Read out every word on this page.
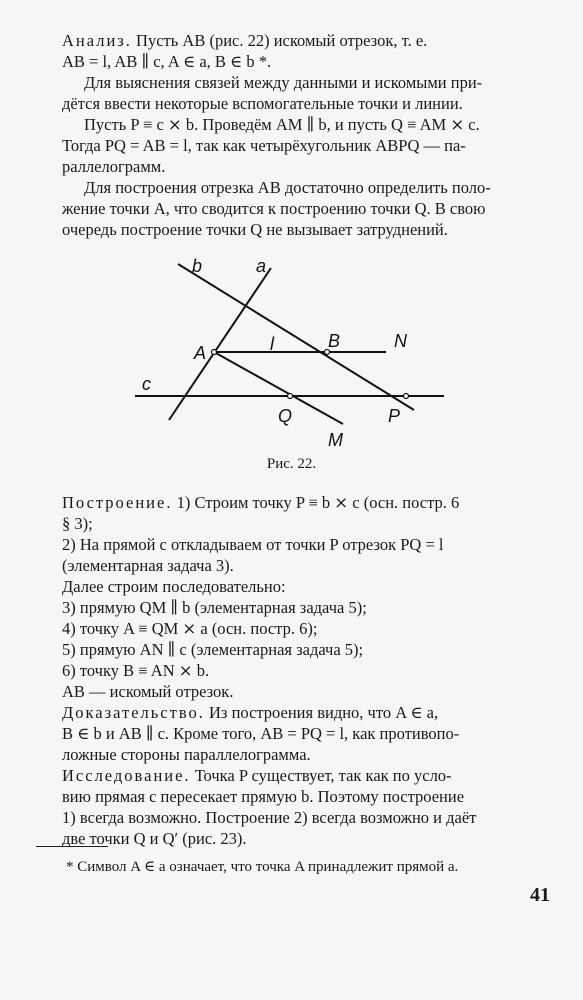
Анализ. Пусть AB (рис. 22) искомый отрезок, т. е.

AB = l, AB ∥ c, A ∈ a, B ∈ b *.

Для выяснения связей между данными и искомыми при-

дётся ввести некоторые вспомогательные точки и линии.

Пусть P ≡ c ⨯ b. Проведём AM ∥ b, и пусть Q ≡ AM ⨯ c.

Тогда PQ = AB = l, так как четырёхугольник ABPQ — па-

раллелограмм.

Для построения отрезка AB достаточно определить поло-

жение точки A, что сводится к построению точки Q. В свою

очередь построение точки Q не вызывает затруднений.

b	a
A	l	B	N
c
Q	P
M
Рис. 22.

Построение. 1) Строим точку P ≡ b ⨯ c (осн. постр. 6

§ 3);

2) На прямой c откладываем от точки P отрезок PQ = l

(элементарная задача 3).

Далее строим последовательно:

3) прямую QM ∥ b (элементарная задача 5);

4) точку A ≡ QM ⨯ a (осн. постр. 6);

5) прямую AN ∥ c (элементарная задача 5);

6) точку B ≡ AN ⨯ b.

AB — искомый отрезок.

Доказательство. Из построения видно, что A ∈ a,

B ∈ b и AB ∥ c. Кроме того, AB = PQ = l, как противопо-

ложные стороны параллелограмма.

Исследование. Точка P существует, так как по усло-

вию прямая c пересекает прямую b. Поэтому построение

1) всегда возможно. Построение 2) всегда возможно и даёт

две точки Q и Q′ (рис. 23).

* Символ A ∈ a означает, что точка A принадлежит прямой a.
41
